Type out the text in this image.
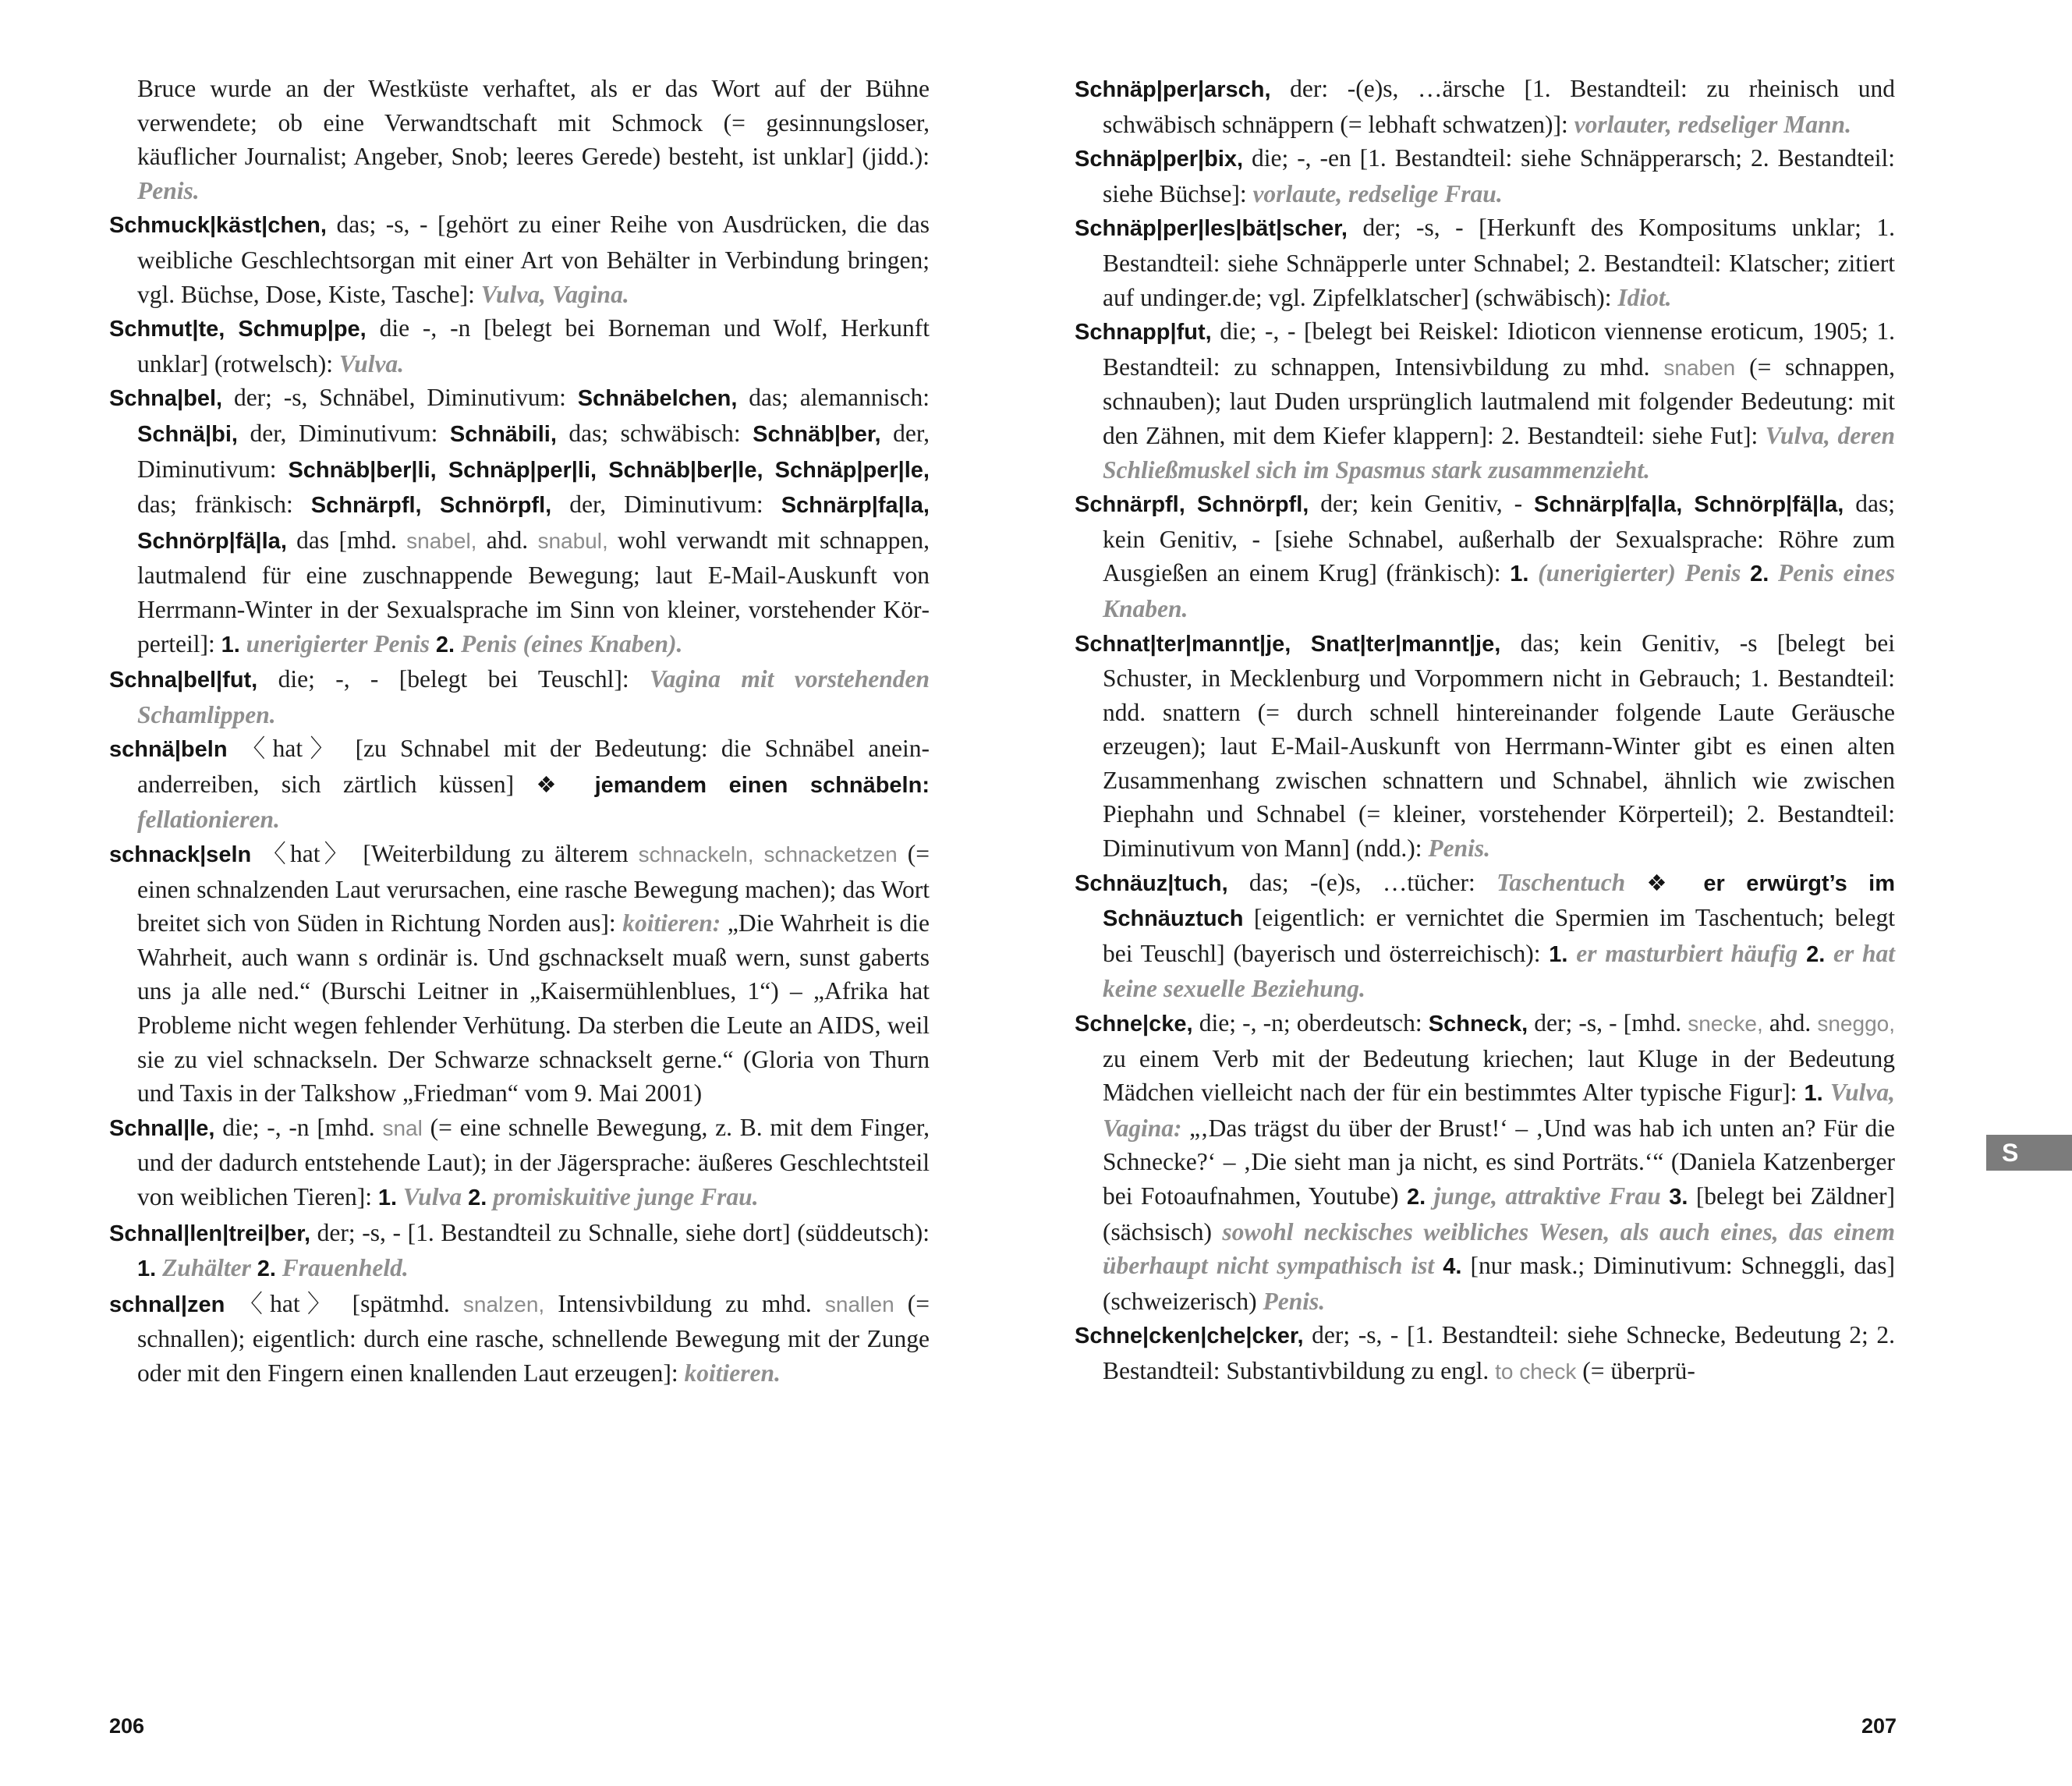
Bruce wurde an der Westküste verhaftet, als er das Wort auf der Bühne verwendete; ob eine Verwandtschaft mit Schmock (= gesinnungsloser, käuflicher Journalist; Angeber, Snob; leeres Gerede) besteht, ist unklar] (jidd.): Penis.

Schmuck|käst|chen, das; -s, - [gehört zu einer Reihe von Ausdrücken, die das weibliche Geschlechtsorgan mit einer Art von Behälter in Verbindung bringen; vgl. Büchse, Dose, Kiste, Tasche]: Vulva, Vagina.

Schmut|te, Schmup|pe, die -, -n [belegt bei Borneman und Wolf, Herkunft unklar] (rotwelsch): Vulva.

Schna|bel, der; -s, Schnäbel, Diminutivum: Schnäbelchen, das; alemannisch: Schnä|bi, der, Diminutivum: Schnäbili, das; schwäbisch: Schnäb|ber, der, Diminutivum: Schnäb|ber|li, Schnäp|per|li, Schnäb|ber|le, Schnäp|per|le, das; fränkisch: Schnärpfl, Schnörpfl, der, Diminutivum: Schnärp|fa|la, Schnörp|fä|la, das [mhd. snabel, ahd. snabul, wohl verwandt mit schnappen, lautmalend für eine zuschnappende Bewegung; laut E-Mail-Auskunft von Herrmann-Winter in der Sexualsprache im Sinn von kleiner, vorstehender Körperteil]: 1. unerigierter Penis 2. Penis (eines Knaben).

Schna|bel|fut, die; -, - [belegt bei Teuschl]: Vagina mit vorstehenden Schamlippen.

schnä|beln 〈hat〉 [zu Schnabel mit der Bedeutung: die Schnäbel aneinanderreiben, sich zärtlich küssen] ❖ jemandem einen schnäbeln: fellationieren.

schnack|seln 〈hat〉 [Weiterbildung zu älterem schnackeln, schnacketzen (= einen schnalzenden Laut verursachen, eine rasche Bewegung machen); das Wort breitet sich von Süden in Richtung Norden aus]: koitieren: „Die Wahrheit is die Wahrheit, auch wann s ordinär is. Und gschnackselt muaß wern, sunst gaberts uns ja alle ned.“ (Burschi Leitner in „Kaisermühlenblues, 1“) – „Afrika hat Probleme nicht wegen fehlender Verhütung. Da sterben die Leute an AIDS, weil sie zu viel schnackseln. Der Schwarze schnackselt gerne.“ (Gloria von Thurn und Taxis in der Talkshow „Friedman“ vom 9. Mai 2001)

Schnal|le, die; -, -n [mhd. snal (= eine schnelle Bewegung, z. B. mit dem Finger, und der dadurch entstehende Laut); in der Jägersprache: äußeres Geschlechtsteil von weiblichen Tieren]: 1. Vulva 2. promiskuitive junge Frau.

Schnal|len|trei|ber, der; -s, - [1. Bestandteil zu Schnalle, siehe dort] (süddeutsch): 1. Zuhälter 2. Frauenheld.

schnal|zen 〈hat〉 [spätmhd. snalzen, Intensivbildung zu mhd. snallen (= schnallen); eigentlich: durch eine rasche, schnellende Bewegung mit der Zunge oder mit den Fingern einen knallenden Laut erzeugen]: koitieren.

Schnäp|per|arsch, der: -(e)s, …ärsche [1. Bestandteil: zu rheinisch und schwäbisch schnäppern (= lebhaft schwatzen)]: vorlauter, redseliger Mann.

Schnäp|per|bix, die; -, -en [1. Bestandteil: siehe Schnäpperarsch; 2. Bestandteil: siehe Büchse]: vorlaute, redselige Frau.

Schnäp|per|les|bät|scher, der; -s, - [Herkunft des Kompositums unklar; 1. Bestandteil: siehe Schnäpperle unter Schnabel; 2. Bestandteil: Klatscher; zitiert auf undinger.de; vgl. Zipfelklatscher] (schwäbisch): Idiot.

Schnapp|fut, die; -, - [belegt bei Reiskel: Idioticon viennense eroticum, 1905; 1. Bestandteil: zu schnappen, Intensivbildung zu mhd. snaben (= schnappen, schnauben); laut Duden ursprünglich lautmalend mit folgender Bedeutung: mit den Zähnen, mit dem Kiefer klappern]: 2. Bestandteil: siehe Fut]: Vulva, deren Schließmuskel sich im Spasmus stark zusammenzieht.

Schnärpfl, Schnörpfl, der; kein Genitiv, - Schnärp|fa|la, Schnörp|fä|la, das; kein Genitiv, - [siehe Schnabel, außerhalb der Sexualsprache: Röhre zum Ausgießen an einem Krug] (fränkisch): 1. (unerigierter) Penis 2. Penis eines Knaben.

Schnat|ter|mannt|je, Snat|ter|mannt|je, das; kein Genitiv, -s [belegt bei Schuster, in Mecklenburg und Vorpommern nicht in Gebrauch; 1. Bestandteil: ndd. snattern (= durch schnell hintereinander folgende Laute Geräusche erzeugen); laut E-Mail-Auskunft von Herrmann-Winter gibt es einen alten Zusammenhang zwischen schnattern und Schnabel, ähnlich wie zwischen Piephahn und Schnabel (= kleiner, vorstehender Körperteil); 2. Bestandteil: Diminutivum von Mann] (ndd.): Penis.

Schnäuz|tuch, das; -(e)s, …tücher: Taschentuch ❖ er erwürgt’s im Schnäuztuch [eigentlich: er vernichtet die Spermien im Taschentuch; belegt bei Teuschl] (bayerisch und österreichisch): 1. er masturbiert häufig 2. er hat keine sexuelle Beziehung.

Schne|cke, die; -, -n; oberdeutsch: Schneck, der; -s, - [mhd. snecke, ahd. sneggo, zu einem Verb mit der Bedeutung kriechen; laut Kluge in der Bedeutung Mädchen vielleicht nach der für ein bestimmtes Alter typische Figur]: 1. Vulva, Vagina: „‚Das trägst du über der Brust!‘ – ‚Und was hab ich unten an? Für die Schnecke?‘ – ‚Die sieht man ja nicht, es sind Porträts.‘“ (Daniela Katzenberger bei Fotoaufnahmen, Youtube) 2. junge, attraktive Frau 3. [belegt bei Zäldner] (sächsisch) sowohl neckisches weibliches Wesen, als auch eines, das einem überhaupt nicht sympathisch ist 4. [nur mask.; Diminutivum: Schneggli, das] (schweizerisch) Penis.

Schne|cken|che|cker, der; -s, - [1. Bestandteil: siehe Schnecke, Bedeutung 2; 2. Bestandteil: Substantivbildung zu engl. to check (= überprü-

206	207
S
